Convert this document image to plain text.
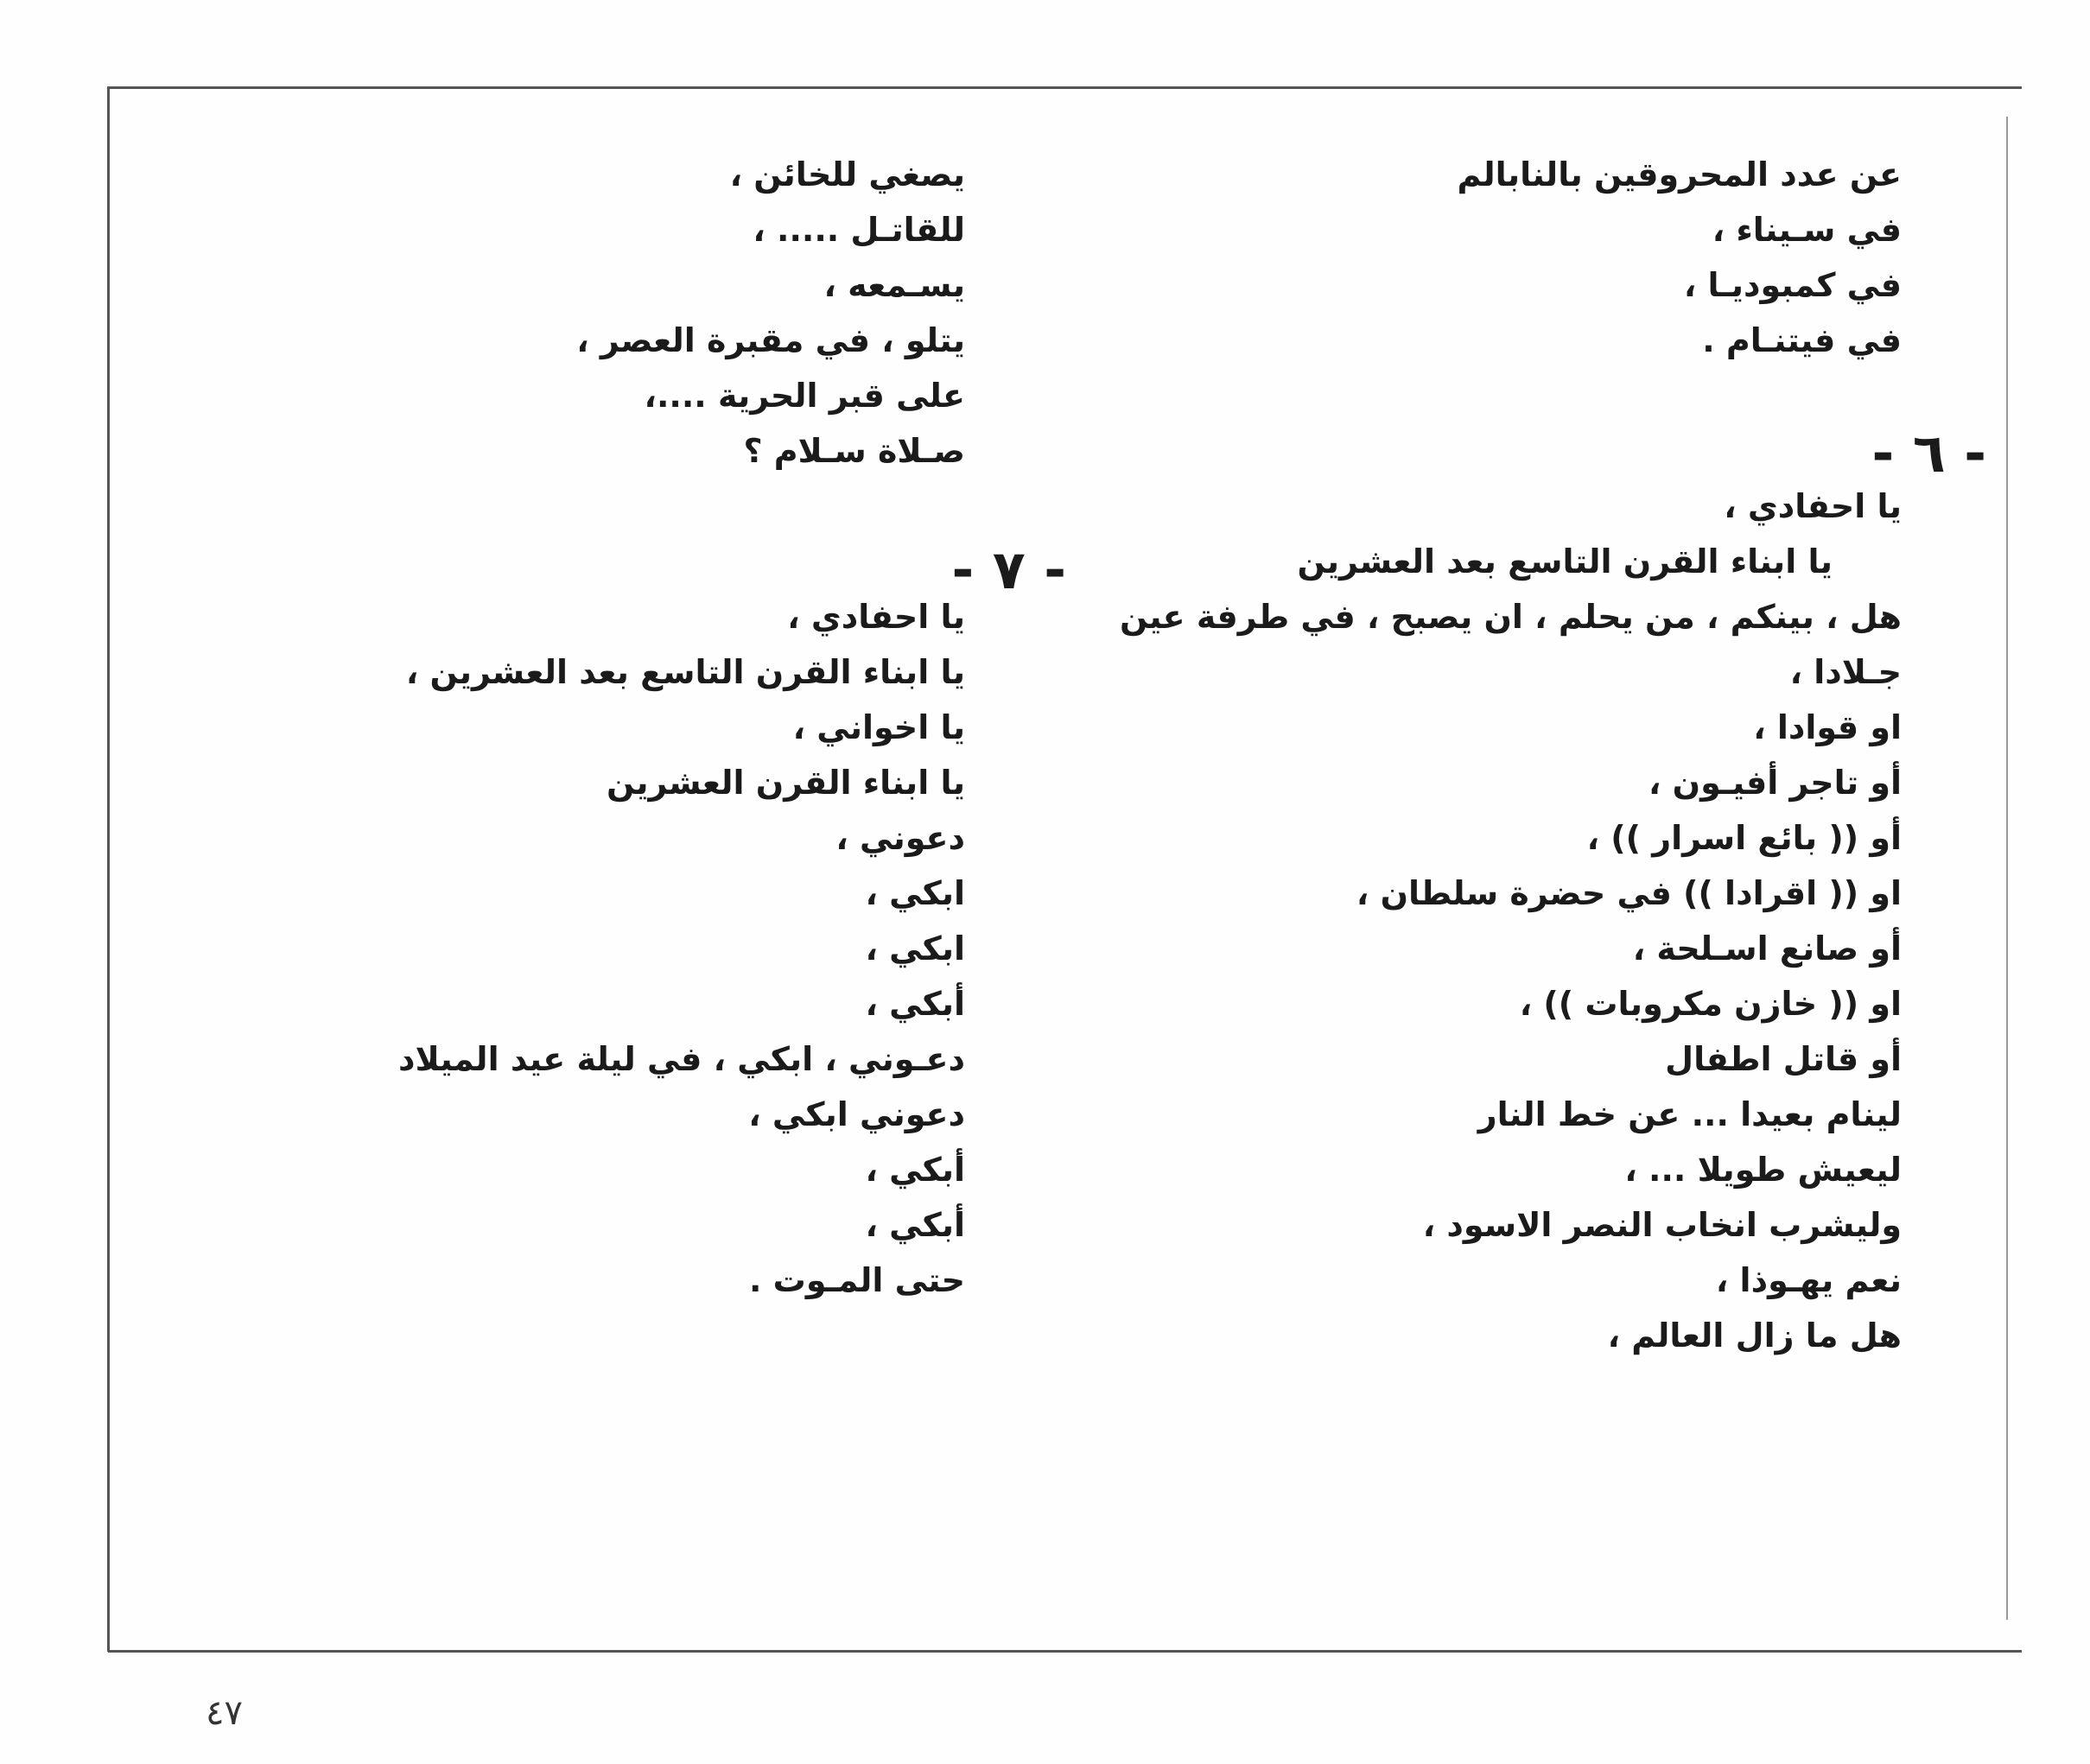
عن عدد المحروقين بالنابالم
في سـيناء ،
في كمبوديـا ،
في فيتنـام .
يا احفادي ،
يا ابناء القرن التاسع بعد العشرين
هل ، بينكم ، من يحلم ، ان يصبح ، في طرفة عين
جـلادا ،
او قوادا ،
أو تاجر أفيـون ،
أو (( بائع اسرار )) ،
او (( اقرادا )) في حضرة سلطان ،
أو صانع اسـلحة ،
او (( خازن مكروبات )) ،
أو قاتل اطفال
لينام بعيدا ... عن خط النار
ليعيش طويلا ... ،
وليشرب انخاب النصر الاسود ،
نعم يهـوذا ،
هل ما زال العالم ،
- ٦ -
يصغي للخائن ،
للقاتـل ..... ،
يسـمعه ،
يتلو ، في مقبرة العصر ،
على قبر الحرية ....،
صـلاة سـلام ؟
يا احفادي ،
يا ابناء القرن التاسع بعد العشرين ،
يا اخواني ،
يا ابناء القرن العشرين
دعوني ،
ابكي ،
ابكي ،
أبكي ،
دعـوني ، ابكي ، في ليلة عيد الميلاد
دعوني ابكي ،
أبكي ،
أبكي ،
حتى المـوت .
- ٧ -
٤٧
